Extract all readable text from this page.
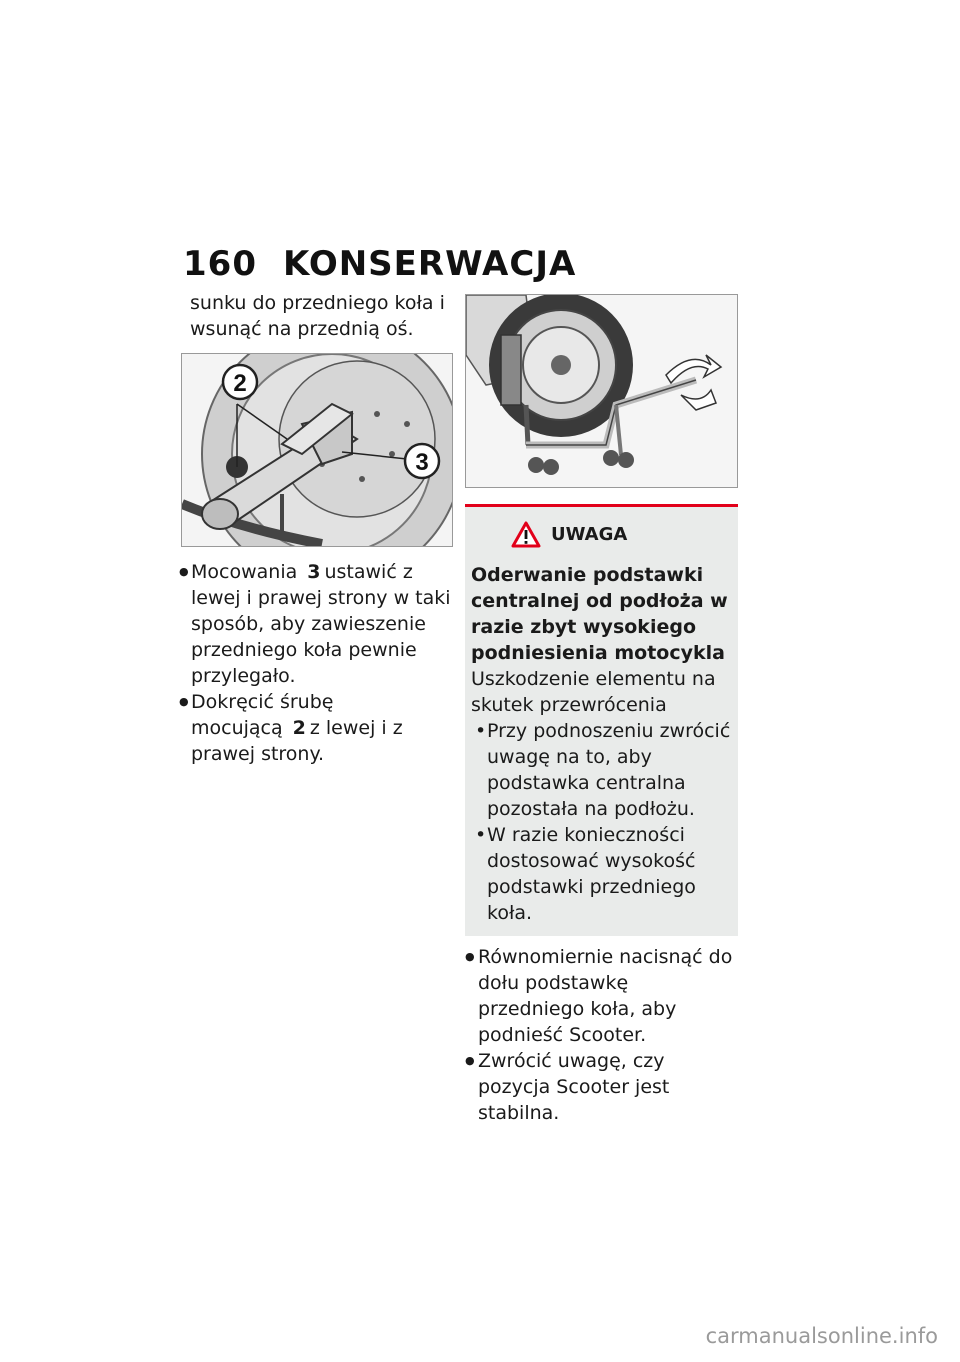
160 KONSERWACJA
sunku do przedniego koła i wsunąć na przednią oś.
2
3
● Mocowania 3 ustawić z lewej i prawej strony w taki sposób, aby zawieszenie przedniego koła pewnie przylegało.
● Dokręcić śrubę mocującą 2 z lewej i z prawej strony.
UWAGA
Oderwanie podstawki centralnej od podłoża w razie zbyt wysokiego podniesienia motocykla
Uszkodzenie elementu na skutek przewrócenia
• Przy podnoszeniu zwrócić uwagę na to, aby podstawka centralna pozostała na podłożu.
• W razie konieczności dostosować wysokość podstawki przedniego koła.
● Równomiernie nacisnąć do dołu podstawkę przedniego koła, aby podnieść Scooter.
● Zwrócić uwagę, czy pozycja Scooter jest stabilna.
carmanualsonline.info
